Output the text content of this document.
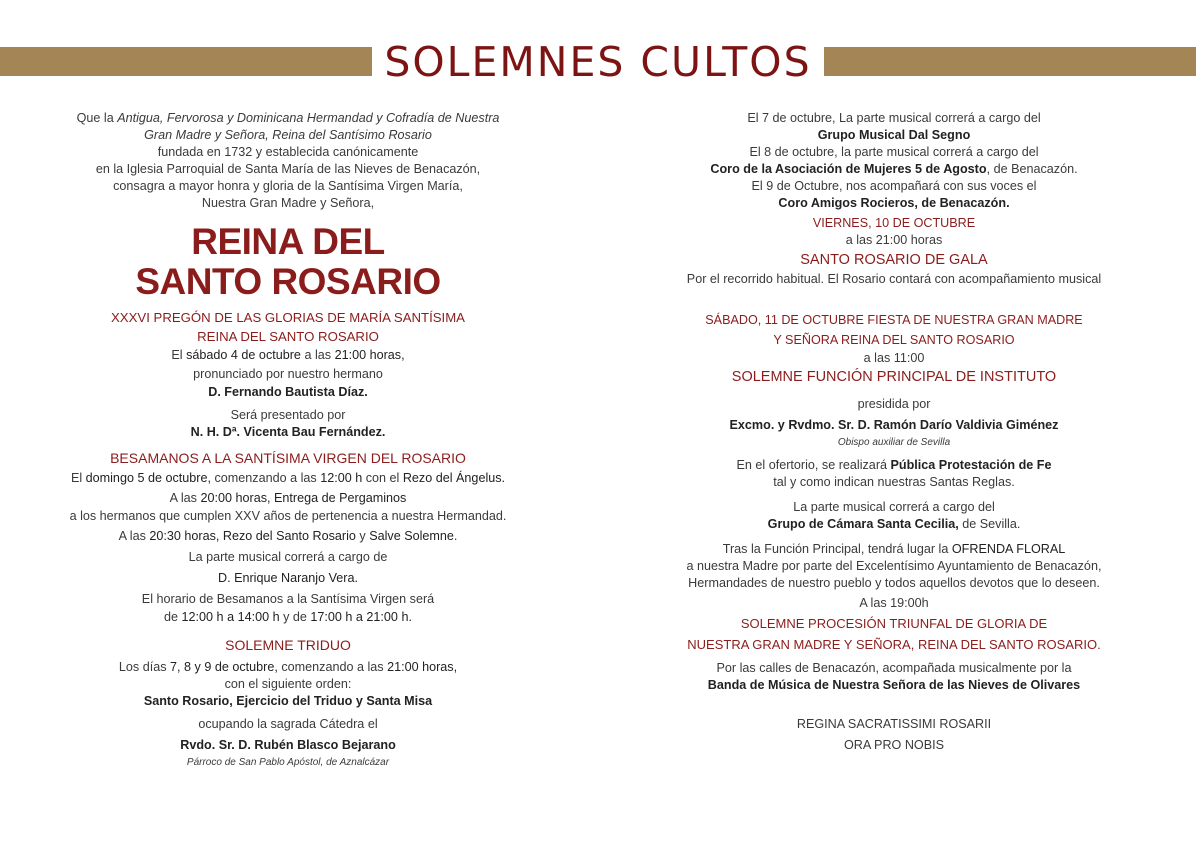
SOLEMNES CULTOS
Que la Antigua, Fervorosa y Dominicana Hermandad y Cofradía de Nuestra
Gran Madre y Señora, Reina del Santísimo Rosario
fundada en 1732 y establecida canónicamente
en la Iglesia Parroquial de Santa María de las Nieves de Benacazón,
consagra a mayor honra y gloria de la Santísima Virgen María,
Nuestra Gran Madre y Señora,
REINA DEL
SANTO ROSARIO
XXXVI PREGÓN DE LAS GLORIAS DE MARÍA SANTÍSIMA
REINA DEL SANTO ROSARIO
El sábado 4 de octubre a las 21:00 horas,
pronunciado por nuestro hermano
D. Fernando Bautista Díaz.
Será presentado por
N. H. Dª. Vicenta Bau Fernández.
BESAMANOS A LA SANTÍSIMA VIRGEN DEL ROSARIO
El domingo 5 de octubre, comenzando a las 12:00 h con el Rezo del Ángelus.
A las 20:00 horas, Entrega de Pergaminos
a los hermanos que cumplen XXV años de pertenencia a nuestra Hermandad.
A las 20:30 horas, Rezo del Santo Rosario y Salve Solemne.
La parte musical correrá a cargo de
D. Enrique Naranjo Vera.
El horario de Besamanos a la Santísima Virgen será
de 12:00 h a 14:00 h y de 17:00 h a 21:00 h.
SOLEMNE TRIDUO
Los días 7, 8 y 9 de octubre, comenzando a las 21:00 horas,
con el siguiente orden:
Santo Rosario, Ejercicio del Triduo y Santa Misa
ocupando la sagrada Cátedra el
Rvdo. Sr. D. Rubén Blasco Bejarano
Párroco de San Pablo Apóstol, de Aznalcázar
El 7 de octubre, La parte musical correrá a cargo del
Grupo Musical Dal Segno
El 8 de octubre, la parte musical correrá a cargo del
Coro de la Asociación de Mujeres 5 de Agosto, de Benacazón.
El 9 de Octubre, nos acompañará con sus voces el
Coro Amigos Rocieros, de Benacazón.
VIERNES, 10 DE OCTUBRE
a las 21:00 horas
SANTO ROSARIO DE GALA
Por el recorrido habitual. El Rosario contará con acompañamiento musical
SÁBADO, 11 DE OCTUBRE FIESTA DE NUESTRA GRAN MADRE
Y SEÑORA REINA DEL SANTO ROSARIO
a las 11:00
SOLEMNE FUNCIÓN PRINCIPAL DE INSTITUTO
presidida por
Excmo. y Rvdmo. Sr. D. Ramón Darío Valdivia Giménez
Obispo auxiliar de Sevilla
En el ofertorio, se realizará Pública Protestación de Fe
tal y como indican nuestras Santas Reglas.
La parte musical correrá a cargo del
Grupo de Cámara Santa Cecilia, de Sevilla.
Tras la Función Principal, tendrá lugar la OFRENDA FLORAL
a nuestra Madre por parte del Excelentísimo Ayuntamiento de Benacazón,
Hermandades de nuestro pueblo y todos aquellos devotos que lo deseen.
A las 19:00h
SOLEMNE PROCESIÓN TRIUNFAL DE GLORIA DE
NUESTRA GRAN MADRE Y SEÑORA, REINA DEL SANTO ROSARIO.
Por las calles de Benacazón, acompañada musicalmente por la
Banda de Música de Nuestra Señora de las Nieves de Olivares
REGINA SACRATISSIMI ROSARII
ORA PRO NOBIS
